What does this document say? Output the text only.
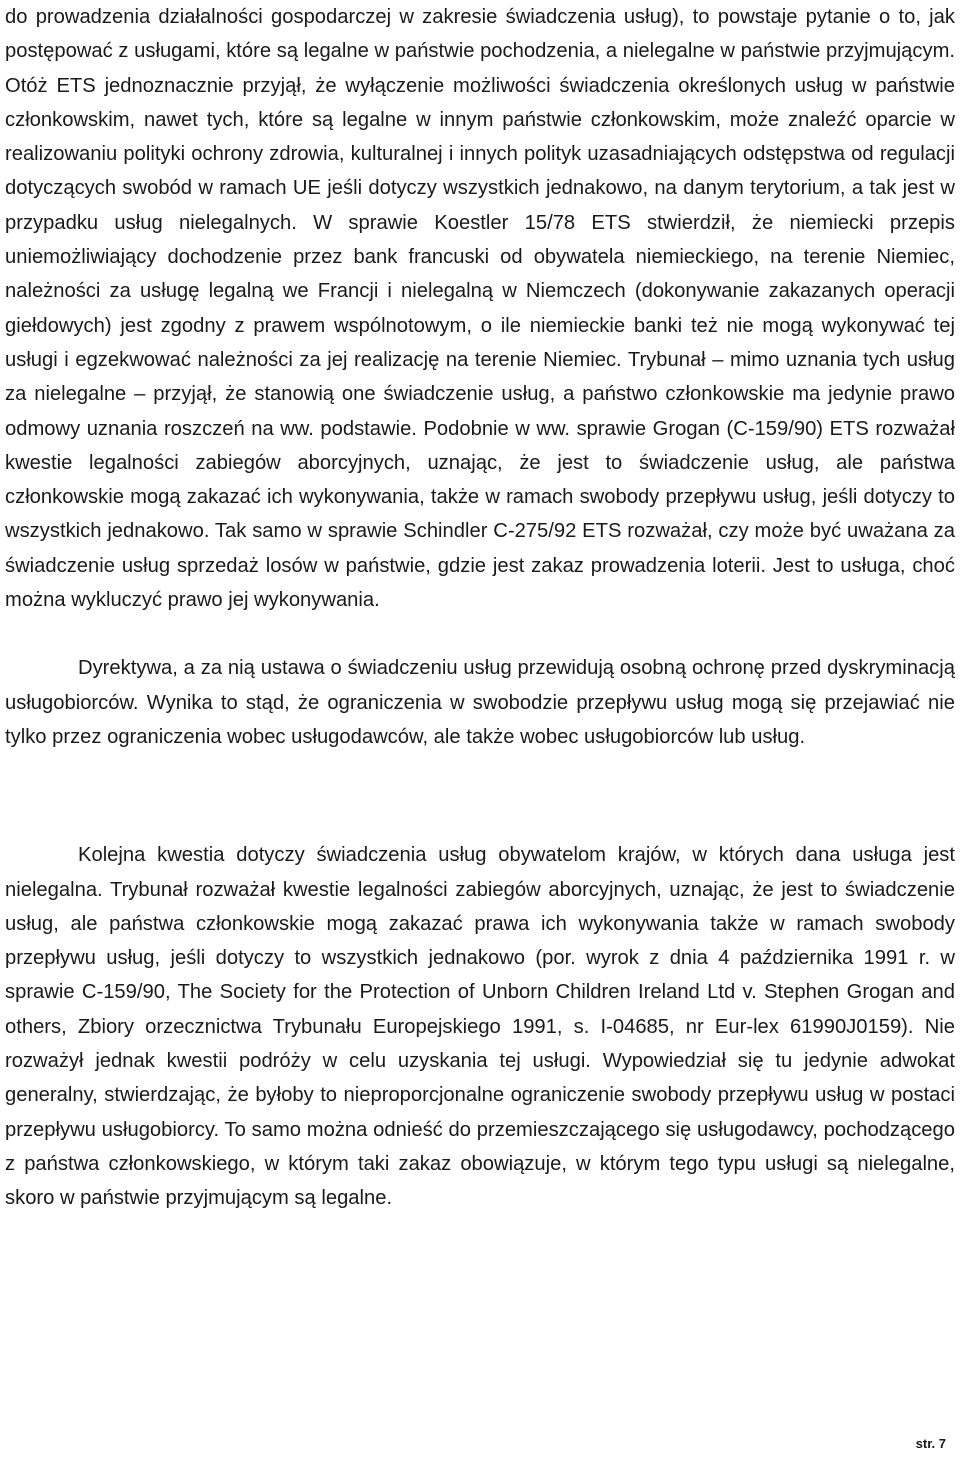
do prowadzenia działalności gospodarczej w zakresie świadczenia usług), to powstaje pytanie o to, jak postępować z usługami, które są legalne w państwie pochodzenia, a nielegalne w państwie przyjmującym. Otóż ETS jednoznacznie przyjął, że wyłączenie możliwości świadczenia określonych usług w państwie członkowskim, nawet tych, które są legalne w innym państwie członkowskim, może znaleźć oparcie w realizowaniu polityki ochrony zdrowia, kulturalnej i innych polityk uzasadniających odstępstwa od regulacji dotyczących swobód w ramach UE jeśli dotyczy wszystkich jednakowo, na danym terytorium, a tak jest w przypadku usług nielegalnych. W sprawie Koestler 15/78 ETS stwierdził, że niemiecki przepis uniemożliwiający dochodzenie przez bank francuski od obywatela niemieckiego, na terenie Niemiec, należności za usługę legalną we Francji i nielegalną w Niemczech (dokonywanie zakazanych operacji giełdowych) jest zgodny z prawem wspólnotowym, o ile niemieckie banki też nie mogą wykonywać tej usługi i egzekwować należności za jej realizację na terenie Niemiec. Trybunał – mimo uznania tych usług za nielegalne – przyjął, że stanowią one świadczenie usług, a państwo członkowskie ma jedynie prawo odmowy uznania roszczeń na ww. podstawie. Podobnie w ww. sprawie Grogan (C-159/90) ETS rozważał kwestie legalności zabiegów aborcyjnych, uznając, że jest to świadczenie usług, ale państwa członkowskie mogą zakazać ich wykonywania, także w ramach swobody przepływu usług, jeśli dotyczy to wszystkich jednakowo. Tak samo w sprawie Schindler C-275/92 ETS rozważał, czy może być uważana za świadczenie usług sprzedaż losów w państwie, gdzie jest zakaz prowadzenia loterii. Jest to usługa, choć można wykluczyć prawo jej wykonywania.

Dyrektywa, a za nią ustawa o świadczeniu usług przewidują osobną ochronę przed dyskryminacją usługobiorców. Wynika to stąd, że ograniczenia w swobodzie przepływu usług mogą się przejawiać nie tylko przez ograniczenia wobec usługodawców, ale także wobec usługobiorców lub usług.

Kolejna kwestia dotyczy świadczenia usług obywatelom krajów, w których dana usługa jest nielegalna. Trybunał rozważał kwestie legalności zabiegów aborcyjnych, uznając, że jest to świadczenie usług, ale państwa członkowskie mogą zakazać prawa ich wykonywania także w ramach swobody przepływu usług, jeśli dotyczy to wszystkich jednakowo (por. wyrok z dnia 4 października 1991 r. w sprawie C-159/90, The Society for the Protection of Unborn Children Ireland Ltd v. Stephen Grogan and others, Zbiory orzecznictwa Trybunału Europejskiego 1991, s. I-04685, nr Eur-lex 61990J0159). Nie rozważył jednak kwestii podróży w celu uzyskania tej usługi. Wypowiedział się tu jedynie adwokat generalny, stwierdzając, że byłoby to nieproporcjonalne ograniczenie swobody przepływu usług w postaci przepływu usługobiorcy. To samo można odnieść do przemieszczającego się usługodawcy, pochodzącego z państwa członkowskiego, w którym taki zakaz obowiązuje, w którym tego typu usługi są nielegalne, skoro w państwie przyjmującym są legalne.

str. 7
